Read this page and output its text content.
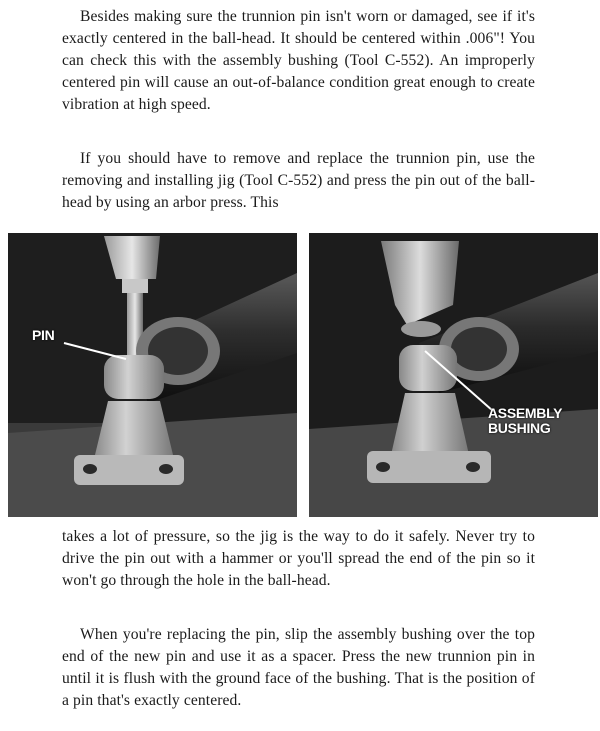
Besides making sure the trunnion pin isn't worn or damaged, see if it's exactly centered in the ball-head. It should be centered within .006"! You can check this with the assembly bushing (Tool C-552). An improperly centered pin will cause an out-of-balance condition great enough to create vibration at high speed.

If you should have to remove and replace the trunnion pin, use the removing and installing jig (Tool C-552) and press the pin out of the ball-head by using an arbor press. This

PIN
ASSEMBLY
BUSHING

takes a lot of pressure, so the jig is the way to do it safely. Never try to drive the pin out with a hammer or you'll spread the end of the pin so it won't go through the hole in the ball-head.

When you're replacing the pin, slip the assembly bushing over the top end of the new pin and use it as a spacer. Press the new trunnion pin in until it is flush with the ground face of the bushing. That is the position of a pin that's exactly centered.
